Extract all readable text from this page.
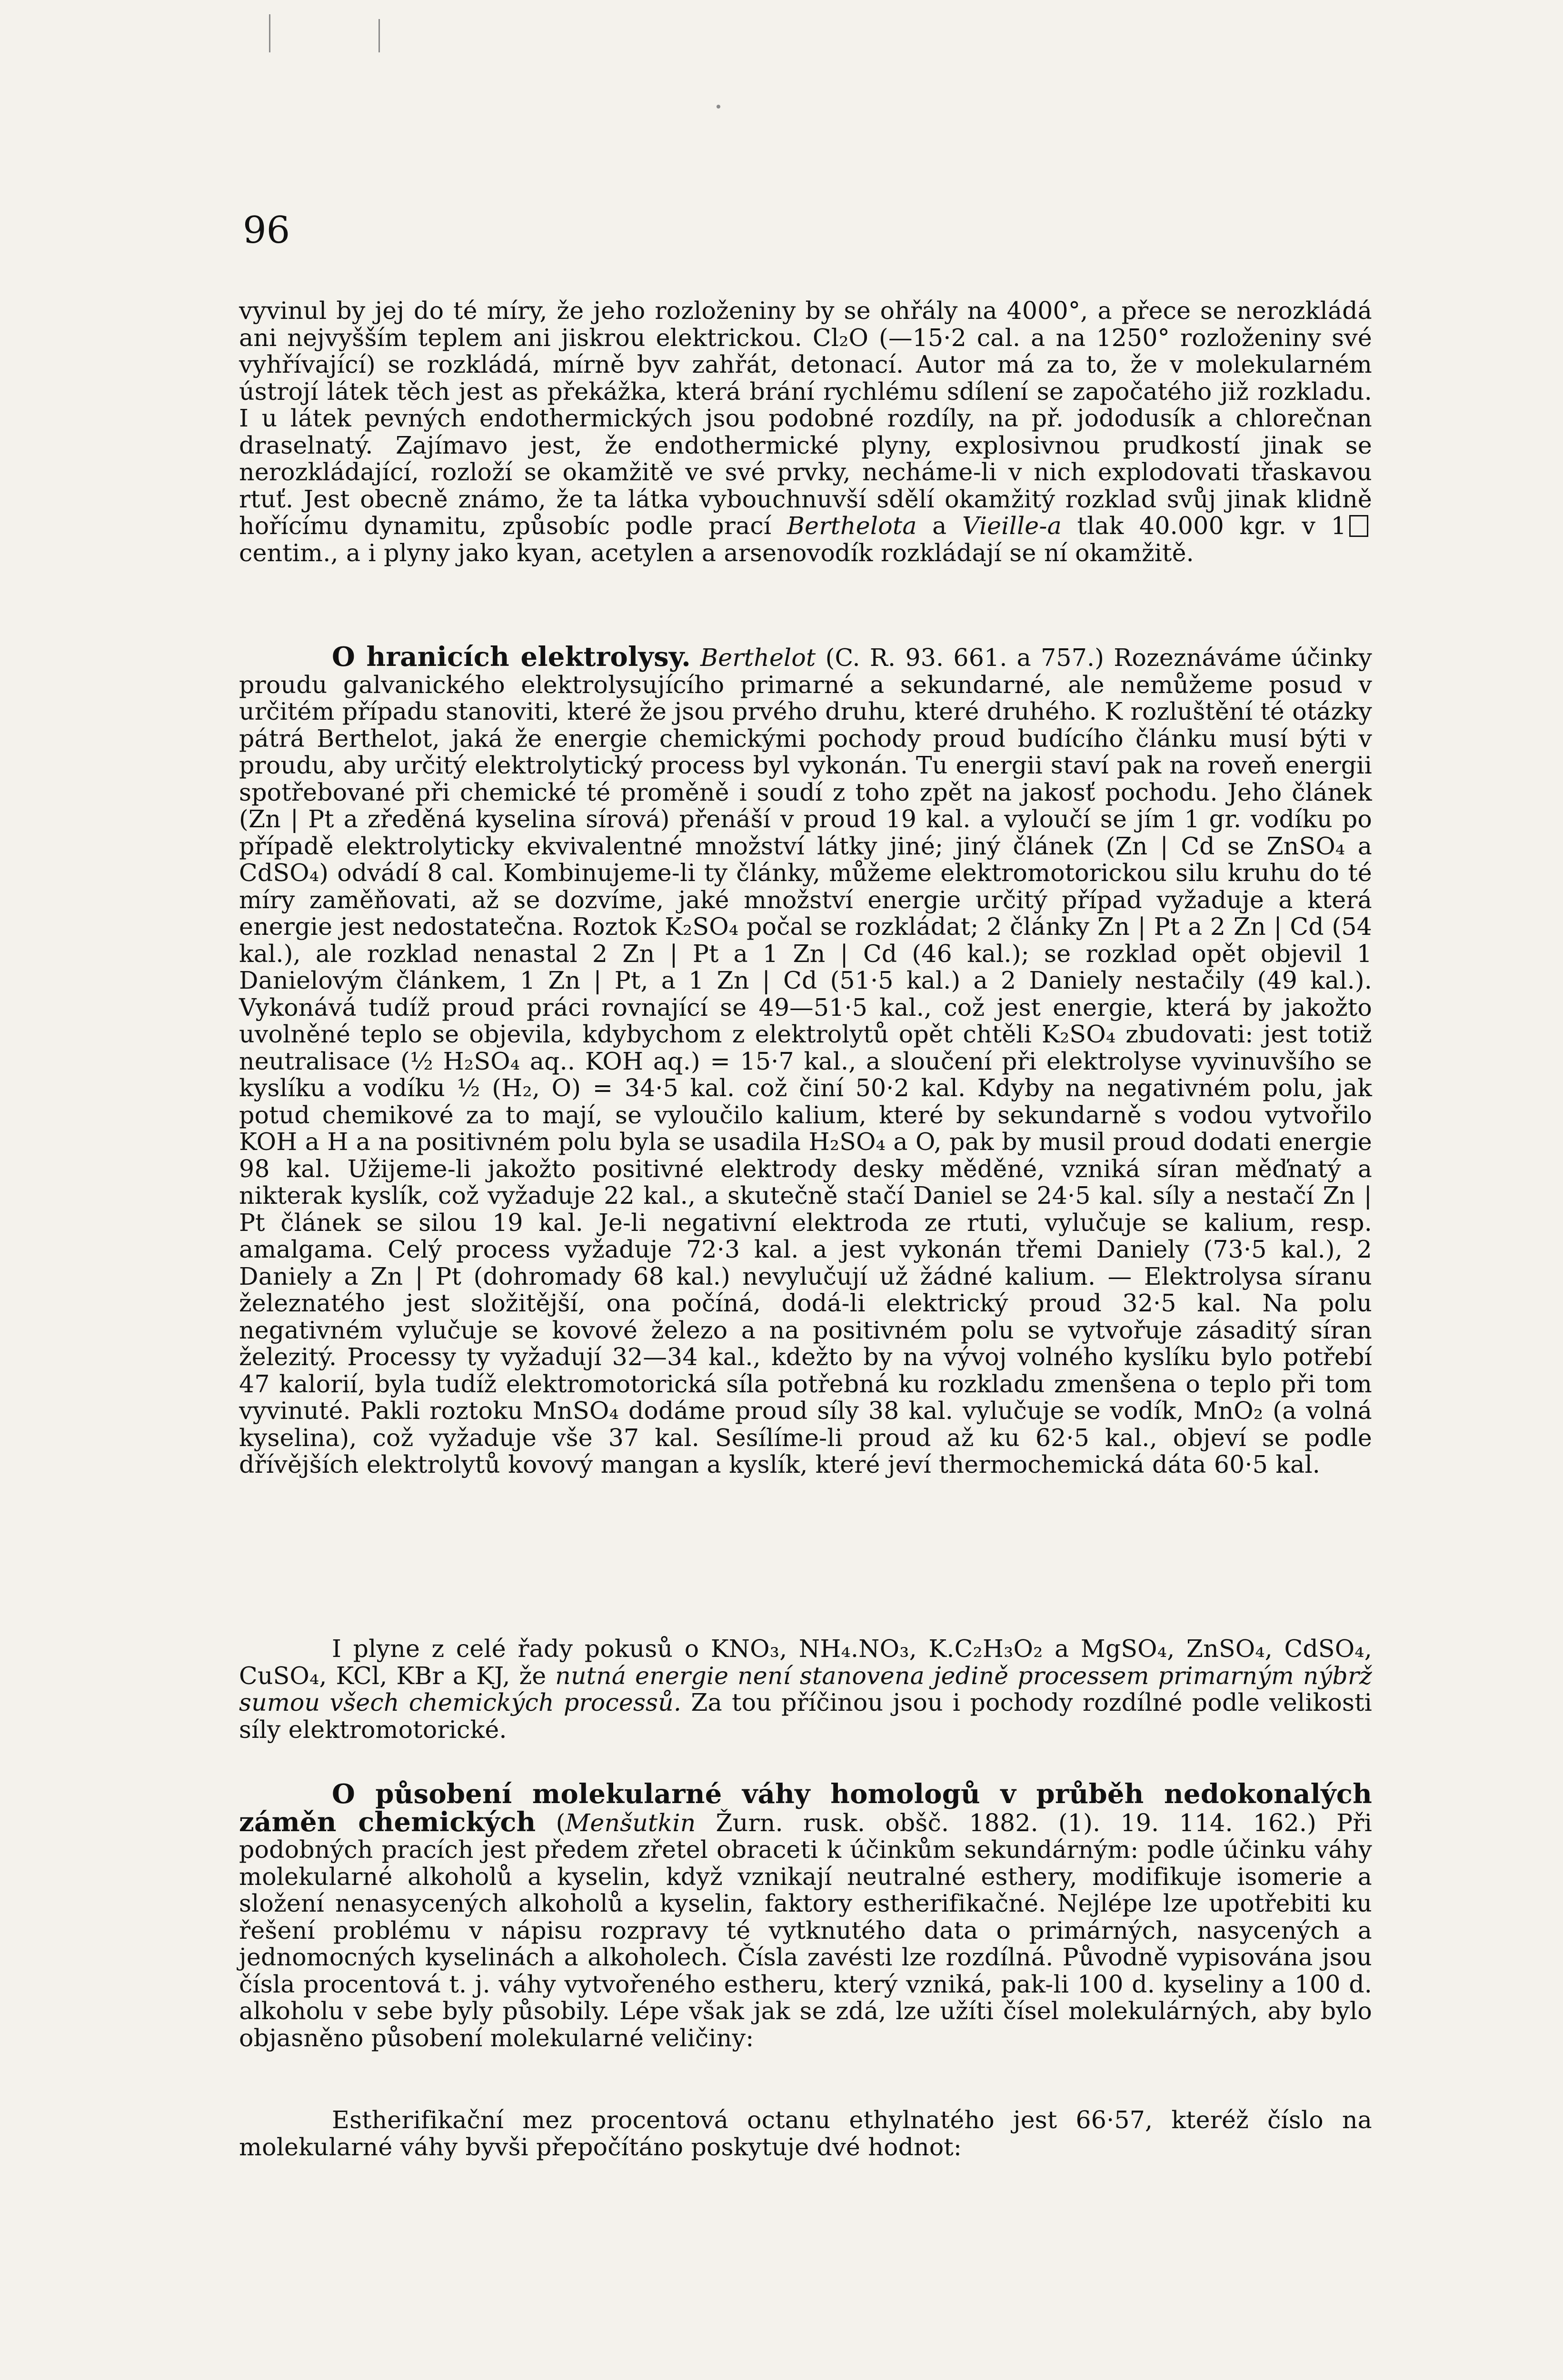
96

vyvinul by jej do té míry, že jeho rozloženiny by se ohřály na 4000°, a přece se nerozkládá ani nejvyšším teplem ani jiskrou elektrickou. Cl₂O (—15·2 cal. a na 1250° rozloženiny své vyhřívající) se rozkládá, mírně byv zahřát, detonací. Autor má za to, že v molekularném ústrojí látek těch jest as překážka, která brání rychlému sdílení se započatého již rozkladu. I u látek pevných endothermických jsou podobné rozdíly, na př. jododusík a chlorečnan draselnatý. Zajímavo jest, že endothermické plyny, explosivnou prudkostí jinak se nerozkládající, rozloží se okamžitě ve své prvky, necháme-li v nich explodovati třaskavou rtuť. Jest obecně známo, že ta látka vybouchnuvší sdělí okamžitý rozklad svůj jinak klidně hořícímu dynamitu, způsobíc podle prací Berthelota a Vieille-a tlak 40.000 kgr. v 1centim., a i plyny jako kyan, acetylen a arsenovodík rozkládají se ní okamžitě.

O hranicích elektrolysy. Berthelot (C. R. 93. 661. a 757.) Rozeznáváme účinky proudu galvanického elektrolysujícího primarné a sekundarné, ale nemůžeme posud v určitém případu stanoviti, které že jsou prvého druhu, které druhého. K rozluštění té otázky pátrá Berthelot, jaká že energie chemickými pochody proud budícího článku musí býti v proudu, aby určitý elektrolytický process byl vykonán. Tu energii staví pak na roveň energii spotřebované při chemické té proměně i soudí z toho zpět na jakosť pochodu. Jeho článek (Zn | Pt a zředěná kyselina sírová) přenáší v proud 19 kal. a vyloučí se jím 1 gr. vodíku po případě elektrolyticky ekvivalentné množství látky jiné; jiný článek (Zn | Cd se ZnSO₄ a CdSO₄) odvádí 8 cal. Kombinujeme-li ty články, můžeme elektromotorickou silu kruhu do té míry zaměňovati, až se dozvíme, jaké množství energie určitý případ vyžaduje a která energie jest nedostatečna. Roztok K₂SO₄ počal se rozkládat; 2 články Zn | Pt a 2 Zn | Cd (54 kal.), ale rozklad nenastal 2 Zn | Pt a 1 Zn | Cd (46 kal.); se rozklad opět objevil 1 Danielovým článkem, 1 Zn | Pt, a 1 Zn | Cd (51·5 kal.) a 2 Daniely nestačily (49 kal.). Vykonává tudíž proud práci rovnající se 49—51·5 kal., což jest energie, která by jakožto uvolněné teplo se objevila, kdybychom z elektrolytů opět chtěli K₂SO₄ zbudovati: jest totiž neutralisace (½ H₂SO₄ aq.. KOH aq.) = 15·7 kal., a sloučení při elektrolyse vyvinuvšího se kyslíku a vodíku ½ (H₂, O) = 34·5 kal. což činí 50·2 kal. Kdyby na negativném polu, jak potud chemikové za to mají, se vyloučilo kalium, které by sekundarně s vodou vytvořilo KOH a H a na positivném polu byla se usadila H₂SO₄ a O, pak by musil proud dodati energie 98 kal. Užijeme-li jakožto positivné elektrody desky měděné, vzniká síran měďnatý a nikterak kyslík, což vyžaduje 22 kal., a skutečně stačí Daniel se 24·5 kal. síly a nestačí Zn | Pt článek se silou 19 kal. Je-li negativní elektroda ze rtuti, vylučuje se kalium, resp. amalgama. Celý process vyžaduje 72·3 kal. a jest vykonán třemi Daniely (73·5 kal.), 2 Daniely a Zn | Pt (dohromady 68 kal.) nevylučují už žádné kalium. — Elektrolysa síranu železnatého jest složitější, ona počíná, dodá-li elektrický proud 32·5 kal. Na polu negativném vylučuje se kovové železo a na positivném polu se vytvořuje zásaditý síran železitý. Processy ty vyžadují 32—34 kal., kdežto by na vývoj volného kyslíku bylo potřebí 47 kalorií, byla tudíž elektromotorická síla potřebná ku rozkladu zmenšena o teplo při tom vyvinuté. Pakli roztoku MnSO₄ dodáme proud síly 38 kal. vylučuje se vodík, MnO₂ (a volná kyselina), což vyžaduje vše 37 kal. Sesílíme-li proud až ku 62·5 kal., objeví se podle dřívějších elektrolytů kovový mangan a kyslík, které jeví thermochemická dáta 60·5 kal.

I plyne z celé řady pokusů o KNO₃, NH₄.NO₃, K.C₂H₃O₂ a MgSO₄, ZnSO₄, CdSO₄, CuSO₄, KCl, KBr a KJ, že nutná energie není stanovena jedině processem primarným nýbrž sumou všech chemických processů. Za tou příčinou jsou i pochody rozdílné podle velikosti síly elektromotorické.

O působení molekularné váhy homologů v průběh nedokonalých záměn chemických (Menšutkin Žurn. rusk. obšč. 1882. (1). 19. 114. 162.) Při podobných pracích jest předem zřetel obraceti k účinkům sekundárným: podle účinku váhy molekularné alkoholů a kyselin, když vznikají neutralné esthery, modifikuje isomerie a složení nenasycených alkoholů a kyselin, faktory estherifikačné. Nejlépe lze upotřebiti ku řešení problému v nápisu rozpravy té vytknutého data o primárných, nasycených a jednomocných kyselinách a alkoholech. Čísla zavésti lze rozdílná. Původně vypisována jsou čísla procentová t. j. váhy vytvořeného estheru, který vzniká, pak-li 100 d. kyseliny a 100 d. alkoholu v sebe byly působily. Lépe však jak se zdá, lze užíti čísel molekulárných, aby bylo objasněno působení molekularné veličiny:

Estherifikační mez procentová octanu ethylnatého jest 66·57, kteréž číslo na molekularné váhy byvši přepočítáno poskytuje dvé hodnot:
